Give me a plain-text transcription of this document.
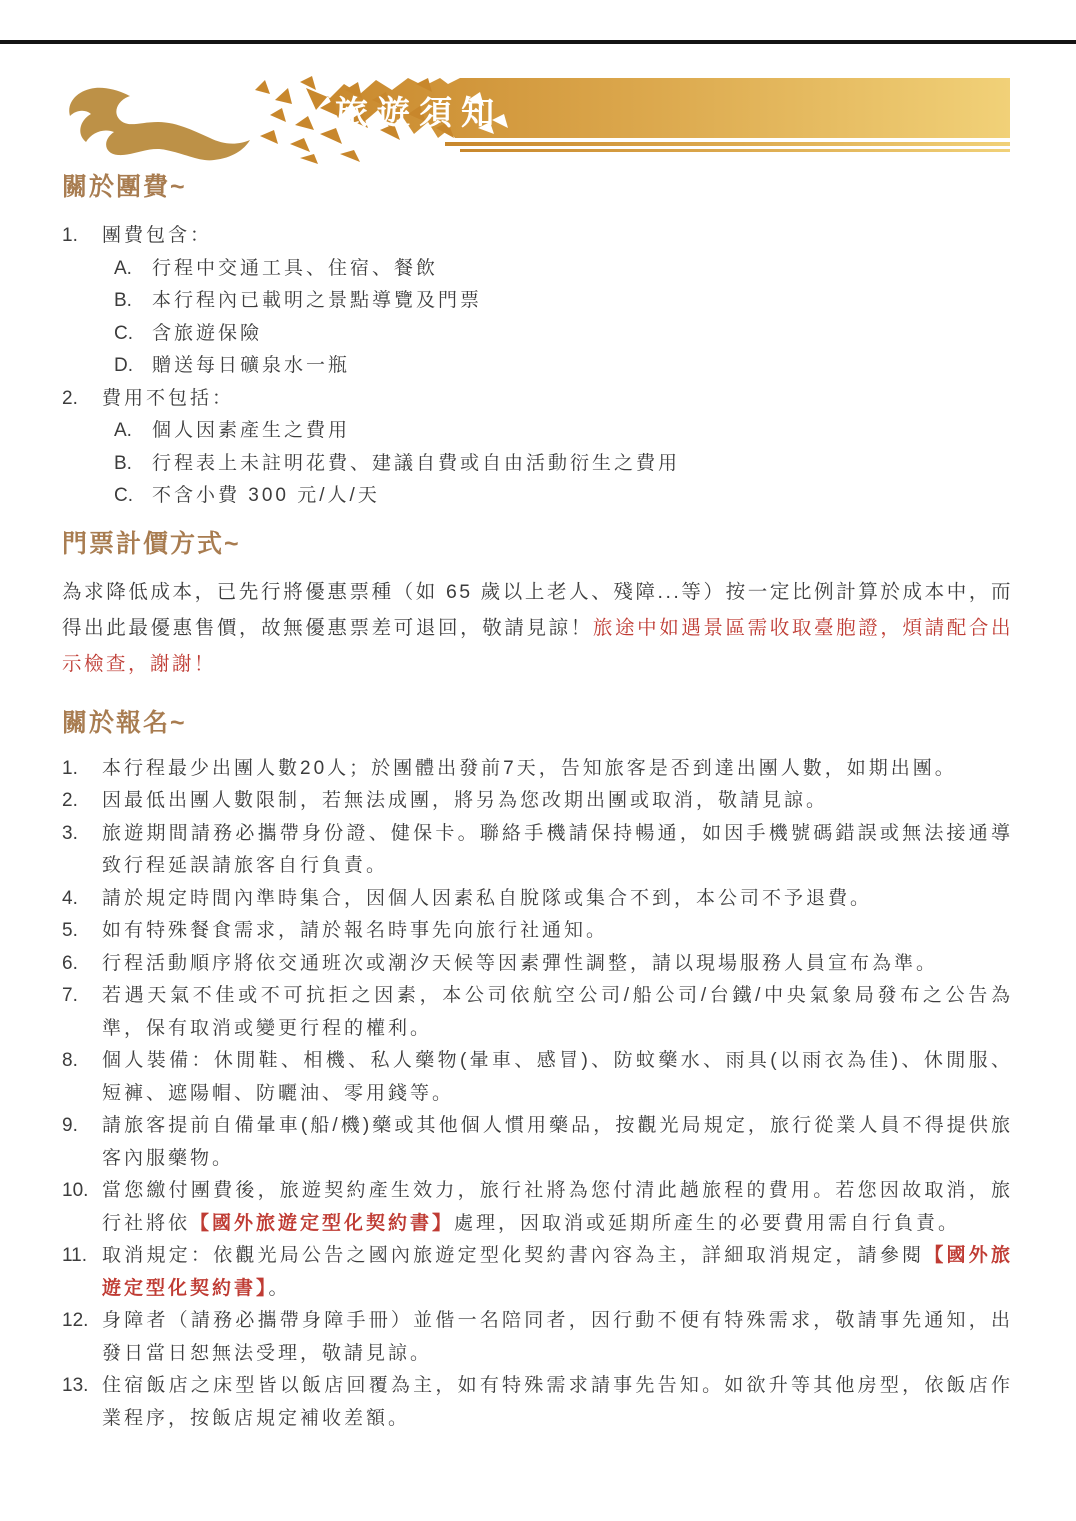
旅遊須知
關於團費~
1.	團費包含：
A.	行程中交通工具、住宿、餐飲
B.	本行程內已載明之景點導覽及門票
C.	含旅遊保險
D.	贈送每日礦泉水一瓶
2.	費用不包括：
A.	個人因素產生之費用
B.	行程表上未註明花費、建議自費或自由活動衍生之費用
C.	不含小費 300 元/人/天
門票計價方式~

為求降低成本，已先行將優惠票種（如 65 歲以上老人、殘障...等）按一定比例計算於成本中，而得出此最優惠售價，故無優惠票差可退回，敬請見諒！旅途中如遇景區需收取臺胞證，煩請配合出示檢查，謝謝！

關於報名~
1.	本行程最少出團人數20人；於團體出發前7天，告知旅客是否到達出團人數，如期出團。
2.	因最低出團人數限制，若無法成團，將另為您改期出團或取消，敬請見諒。
3.	旅遊期間請務必攜帶身份證、健保卡。聯絡手機請保持暢通，如因手機號碼錯誤或無法接通導致行程延誤請旅客自行負責。
4.	請於規定時間內準時集合，因個人因素私自脫隊或集合不到，本公司不予退費。
5.	如有特殊餐食需求，請於報名時事先向旅行社通知。
6.	行程活動順序將依交通班次或潮汐天候等因素彈性調整，請以現場服務人員宣布為準。
7.	若遇天氣不佳或不可抗拒之因素，本公司依航空公司/船公司/台鐵/中央氣象局發布之公告為準，保有取消或變更行程的權利。
8.	個人裝備：休閒鞋、相機、私人藥物(暈車、感冒)、防蚊藥水、雨具(以雨衣為佳)、休閒服、短褲、遮陽帽、防曬油、零用錢等。
9.	請旅客提前自備暈車(船/機)藥或其他個人慣用藥品，按觀光局規定，旅行從業人員不得提供旅客內服藥物。
10. 當您繳付團費後，旅遊契約產生效力，旅行社將為您付清此趟旅程的費用。若您因故取消，旅行社將依【國外旅遊定型化契約書】處理，因取消或延期所產生的必要費用需自行負責。
11. 取消規定：依觀光局公告之國內旅遊定型化契約書內容為主，詳細取消規定，請參閱【國外旅遊定型化契約書】。
12. 身障者（請務必攜帶身障手冊）並偕一名陪同者，因行動不便有特殊需求，敬請事先通知，出發日當日恕無法受理，敬請見諒。
13. 住宿飯店之床型皆以飯店回覆為主，如有特殊需求請事先告知。如欲升等其他房型，依飯店作業程序，按飯店規定補收差額。
